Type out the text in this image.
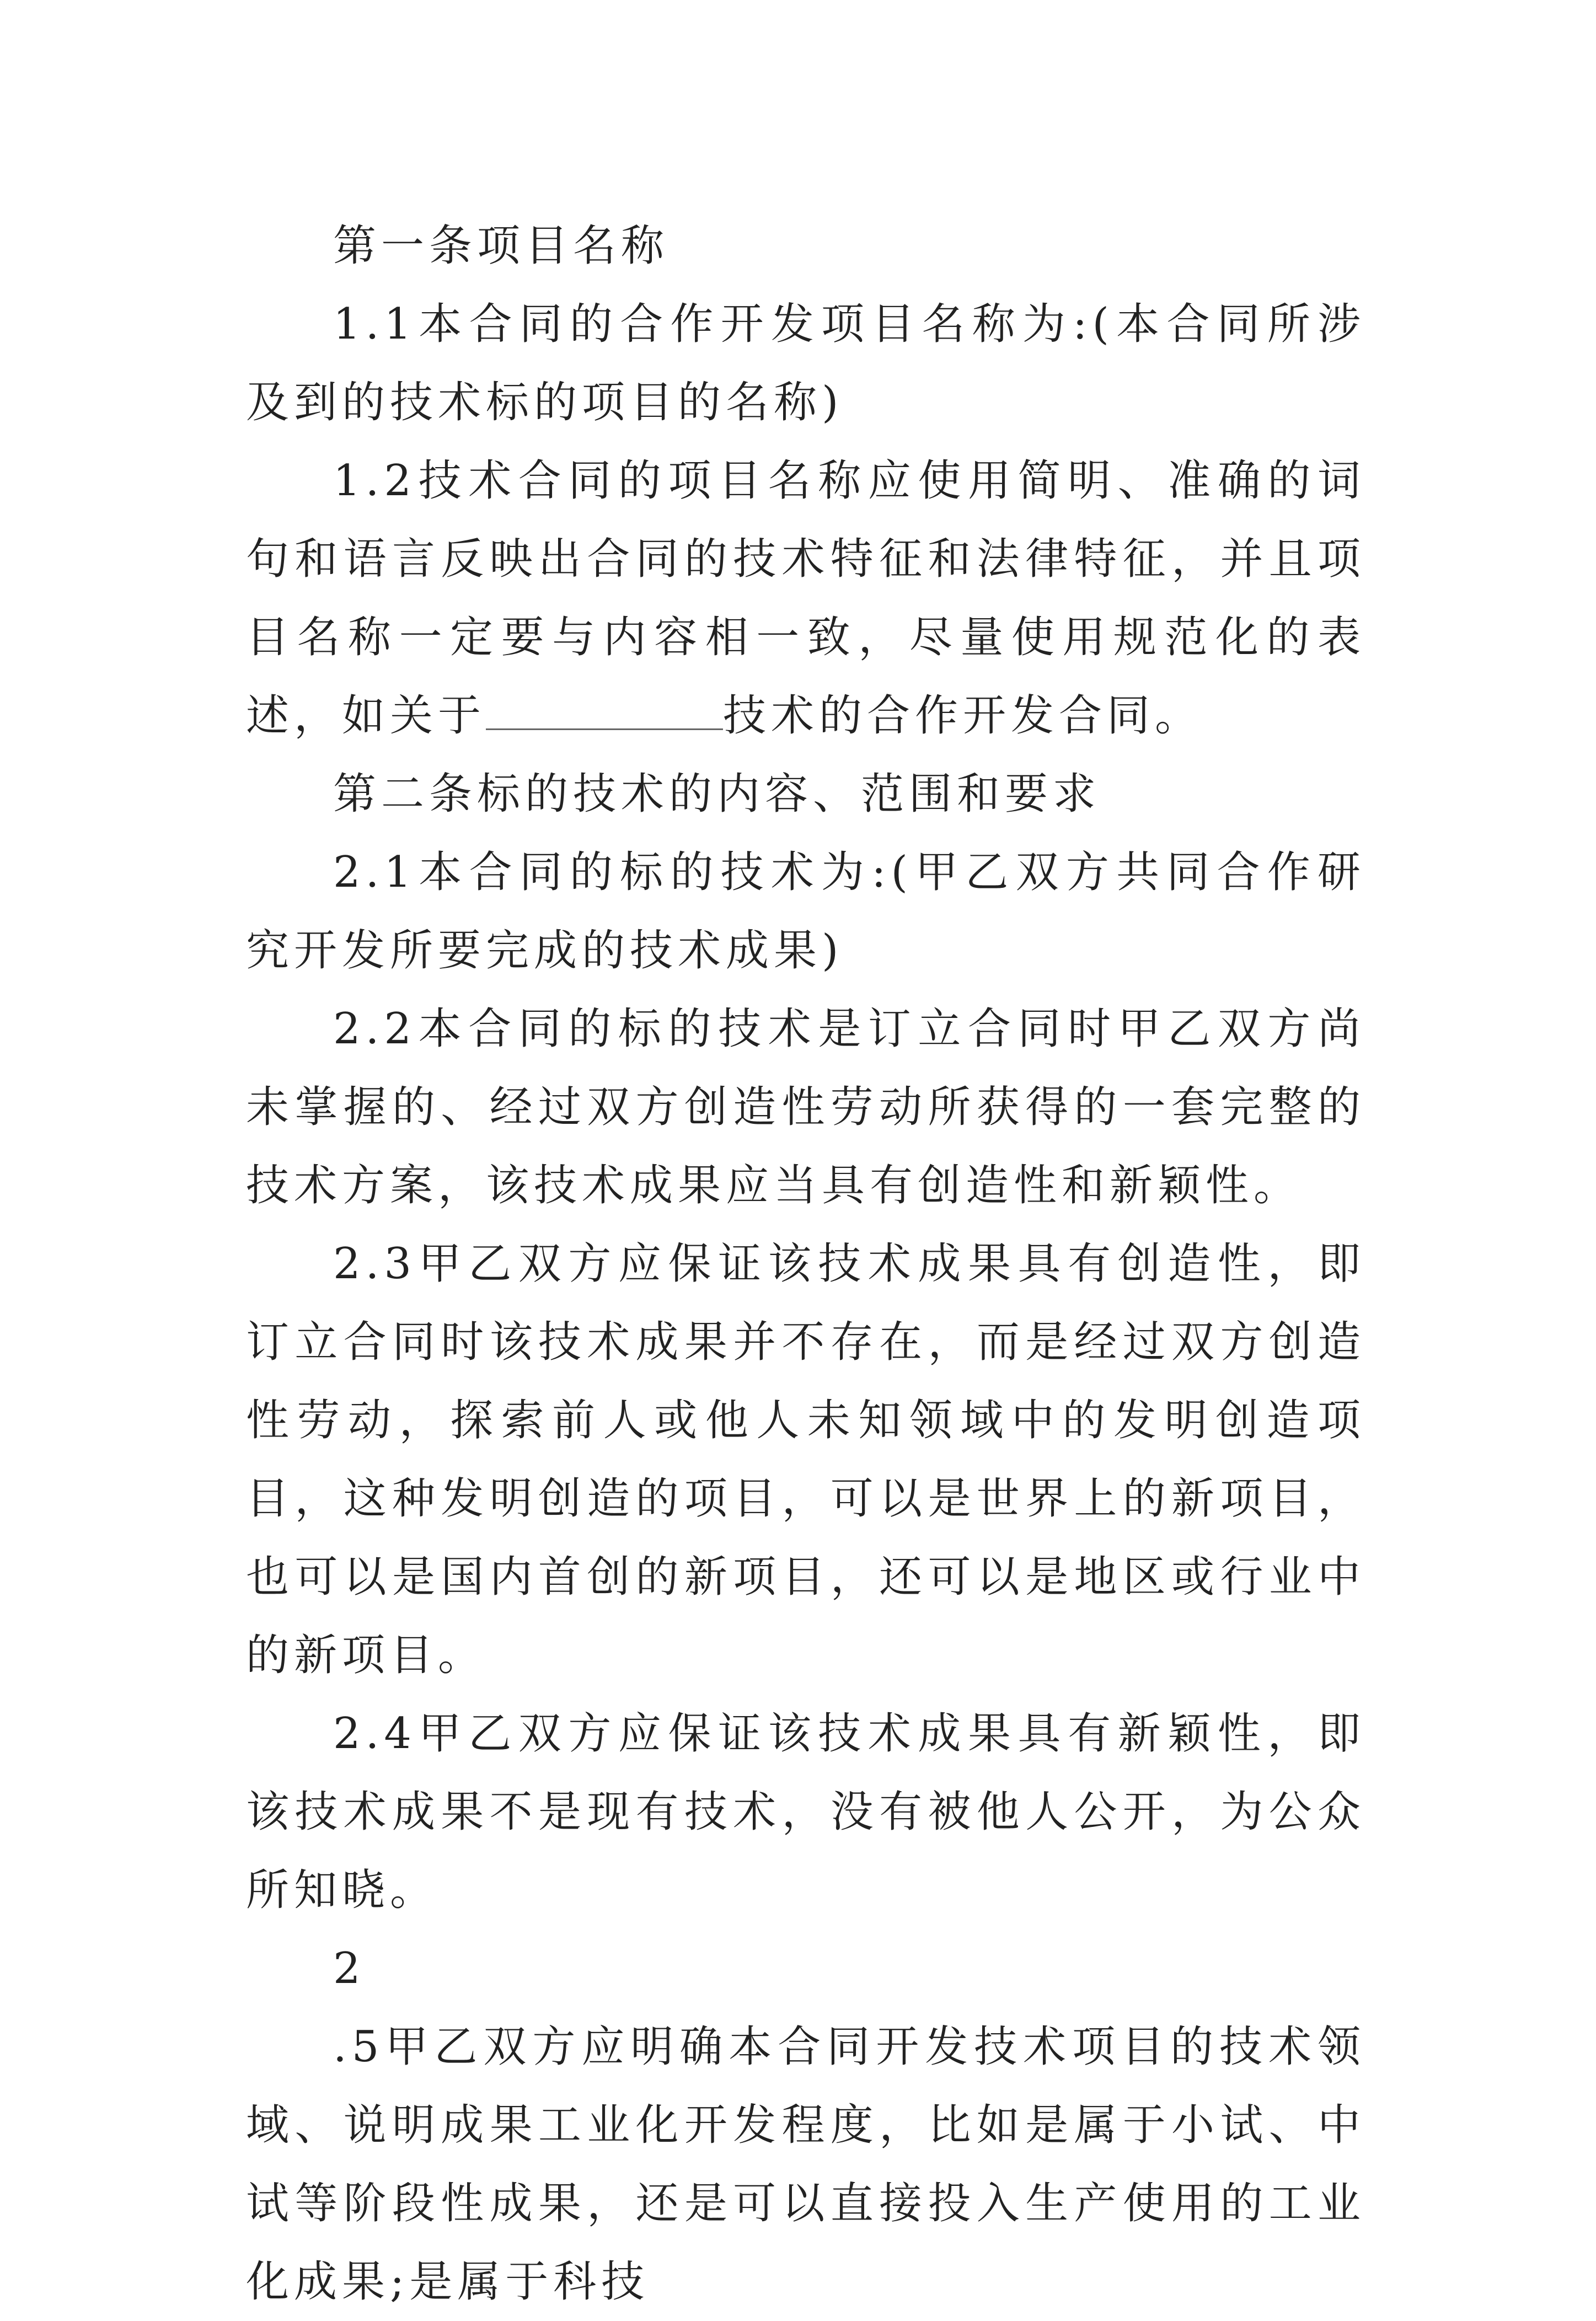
第一条项目名称

1.1本合同的合作开发项目名称为:(本合同所涉及到的技术标的项目的名称)

1.2技术合同的项目名称应使用简明、准确的词句和语言反映出合同的技术特征和法律特征，并且项目名称一定要与内容相一致，尽量使用规范化的表述，如关于	技术的合作开发合同。

第二条标的技术的内容、范围和要求

2.1本合同的标的技术为:(甲乙双方共同合作研究开发所要完成的技术成果)

2.2本合同的标的技术是订立合同时甲乙双方尚未掌握的、经过双方创造性劳动所获得的一套完整的技术方案，该技术成果应当具有创造性和新颖性。

2.3甲乙双方应保证该技术成果具有创造性，即订立合同时该技术成果并不存在，而是经过双方创造性劳动，探索前人或他人未知领域中的发明创造项目，这种发明创造的项目，可以是世界上的新项目，也可以是国内首创的新项目，还可以是地区或行业中的新项目。

2.4甲乙双方应保证该技术成果具有新颖性，即该技术成果不是现有技术，没有被他人公开，为公众所知晓。

2

.5甲乙双方应明确本合同开发技术项目的技术领域、说明成果工业化开发程度，比如是属于小试、中试等阶段性成果，还是可以直接投入生产使用的工业化成果;是属于科技
